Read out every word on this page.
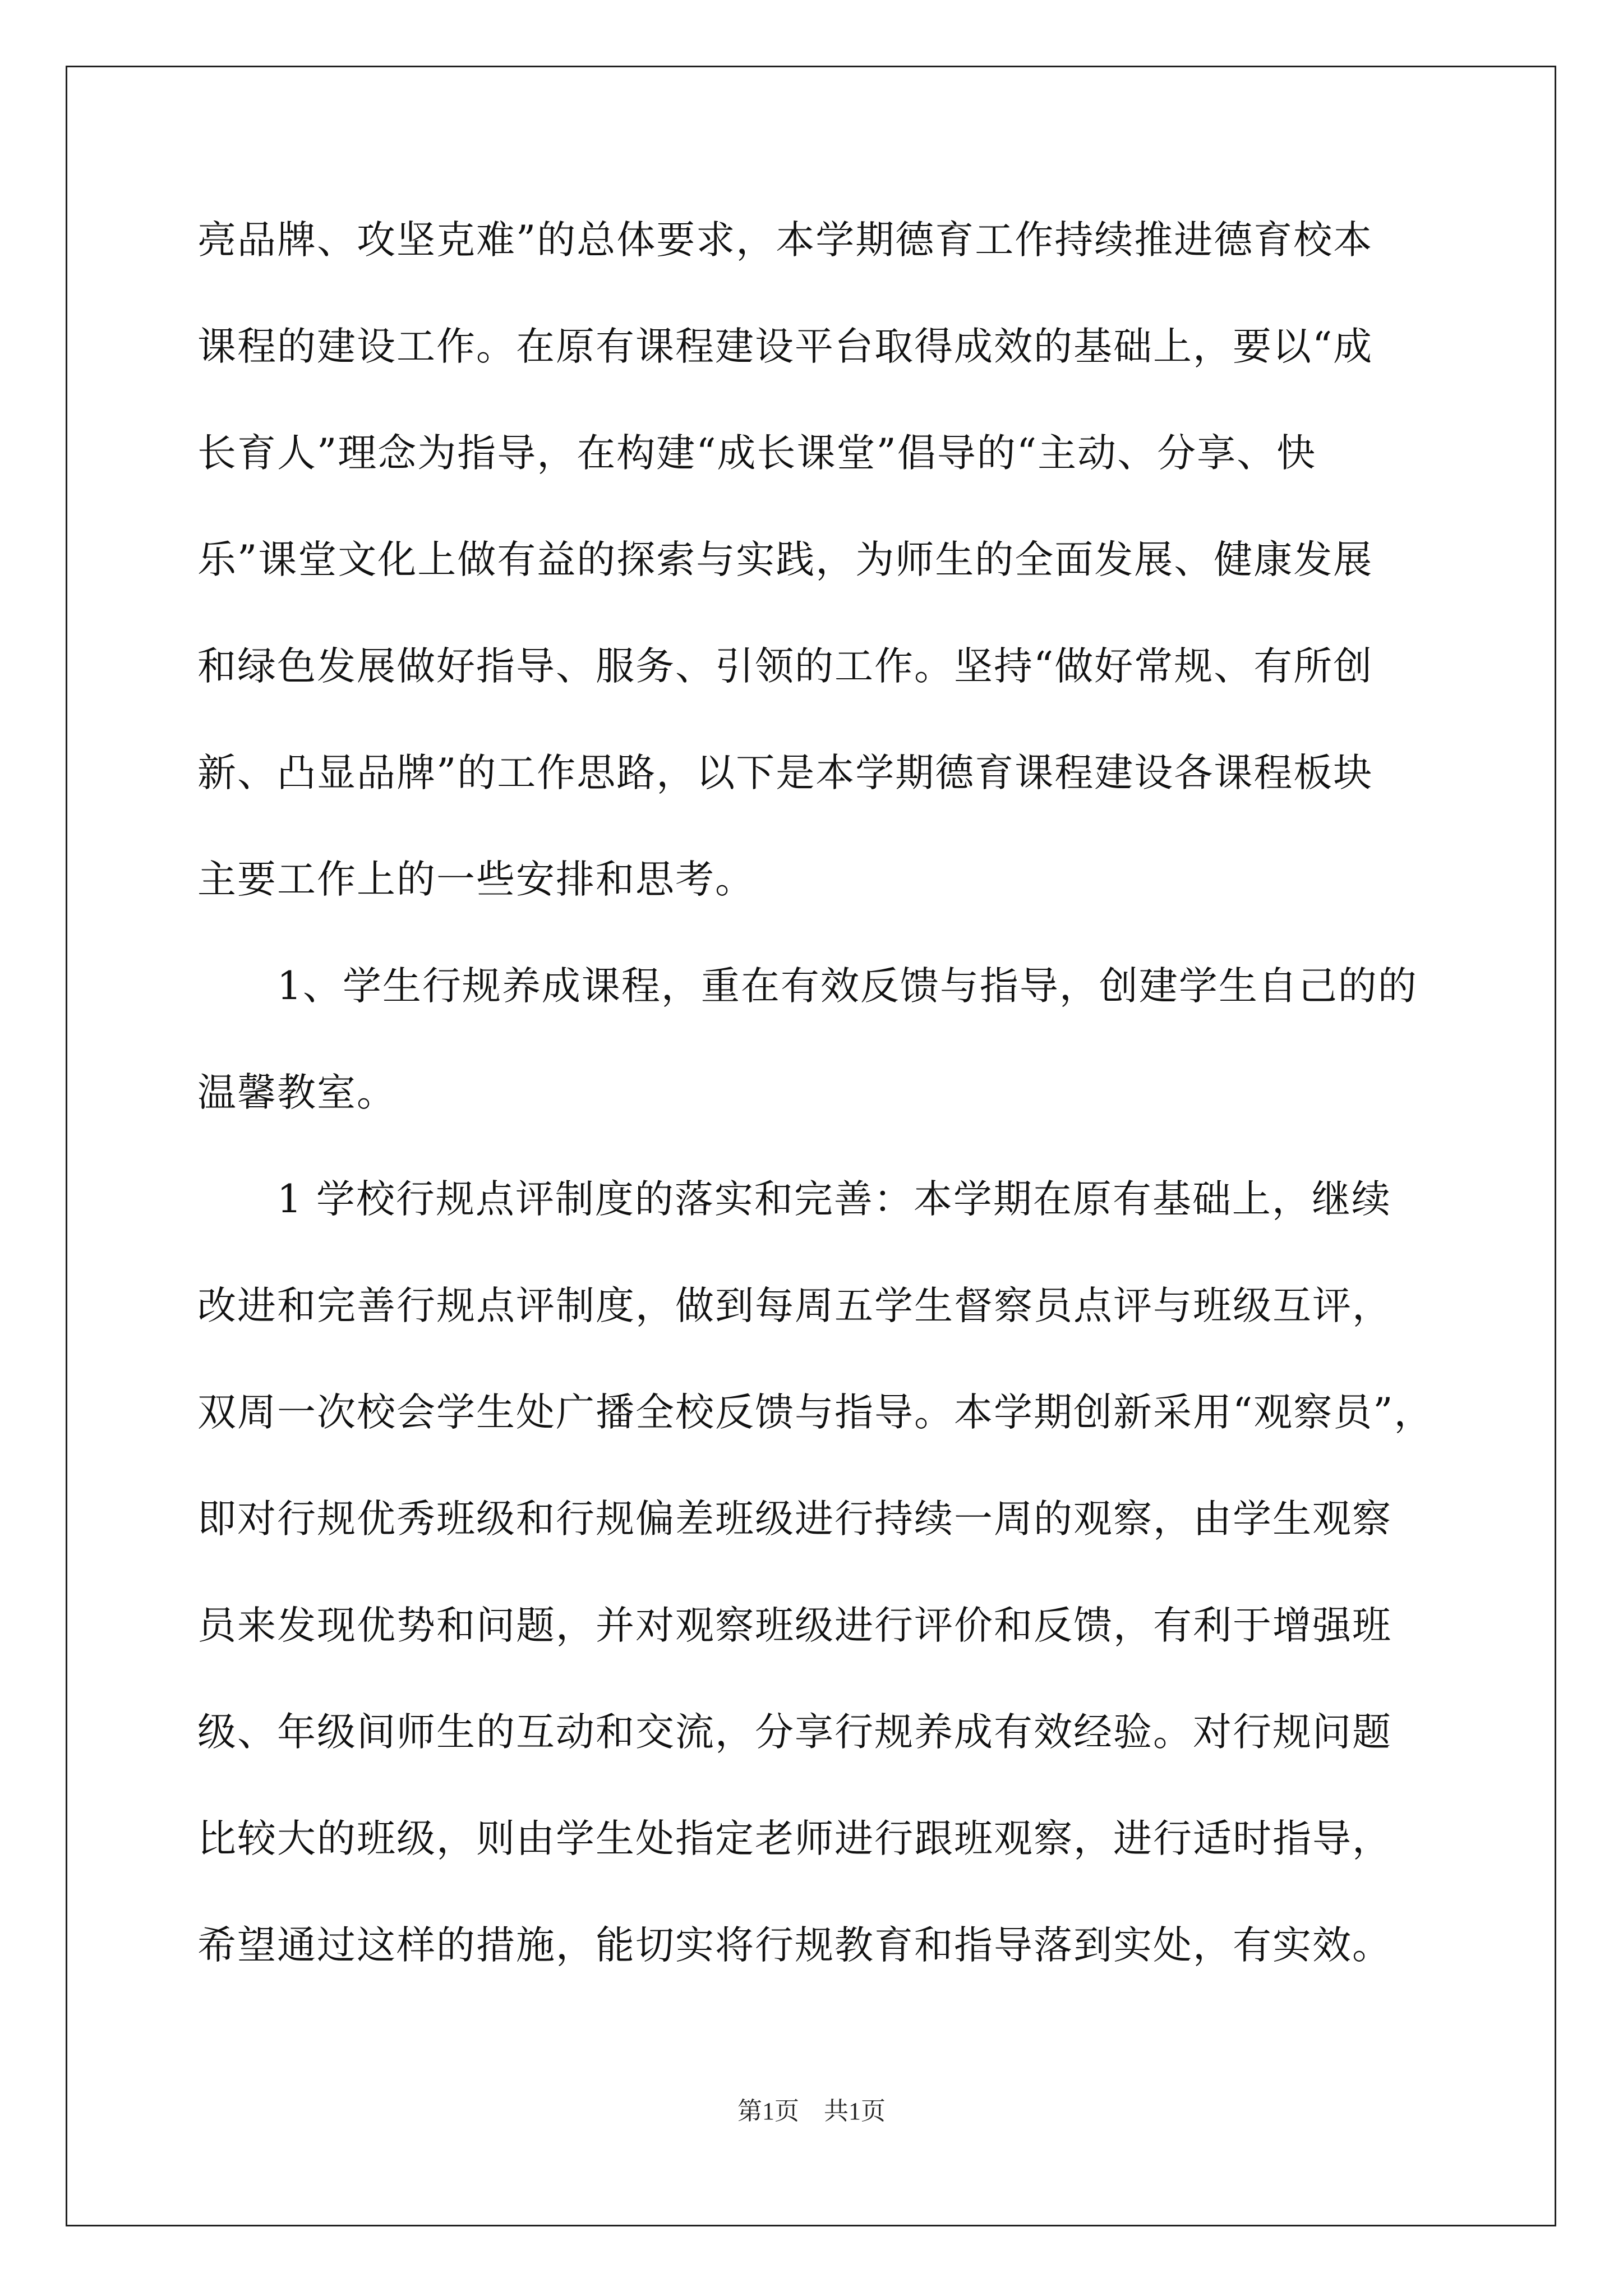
亮品牌、攻坚克难”的总体要求，本学期德育工作持续推进德育校本
课程的建设工作。在原有课程建设平台取得成效的基础上，要以“成
长育人”理念为指导，在构建“成长课堂”倡导的“主动、分享、快
乐”课堂文化上做有益的探索与实践，为师生的全面发展、健康发展
和绿色发展做好指导、服务、引领的工作。坚持“做好常规、有所创
新、凸显品牌”的工作思路，以下是本学期德育课程建设各课程板块
主要工作上的一些安排和思考。
　　1、学生行规养成课程，重在有效反馈与指导，创建学生自己的的
温馨教室。
　　1 学校行规点评制度的落实和完善：本学期在原有基础上，继续
改进和完善行规点评制度，做到每周五学生督察员点评与班级互评，
双周一次校会学生处广播全校反馈与指导。本学期创新采用“观察员”，
即对行规优秀班级和行规偏差班级进行持续一周的观察，由学生观察
员来发现优势和问题，并对观察班级进行评价和反馈，有利于增强班
级、年级间师生的互动和交流，分享行规养成有效经验。对行规问题
比较大的班级，则由学生处指定老师进行跟班观察，进行适时指导，
希望通过这样的措施，能切实将行规教育和指导落到实处，有实效。
第1页　共1页
